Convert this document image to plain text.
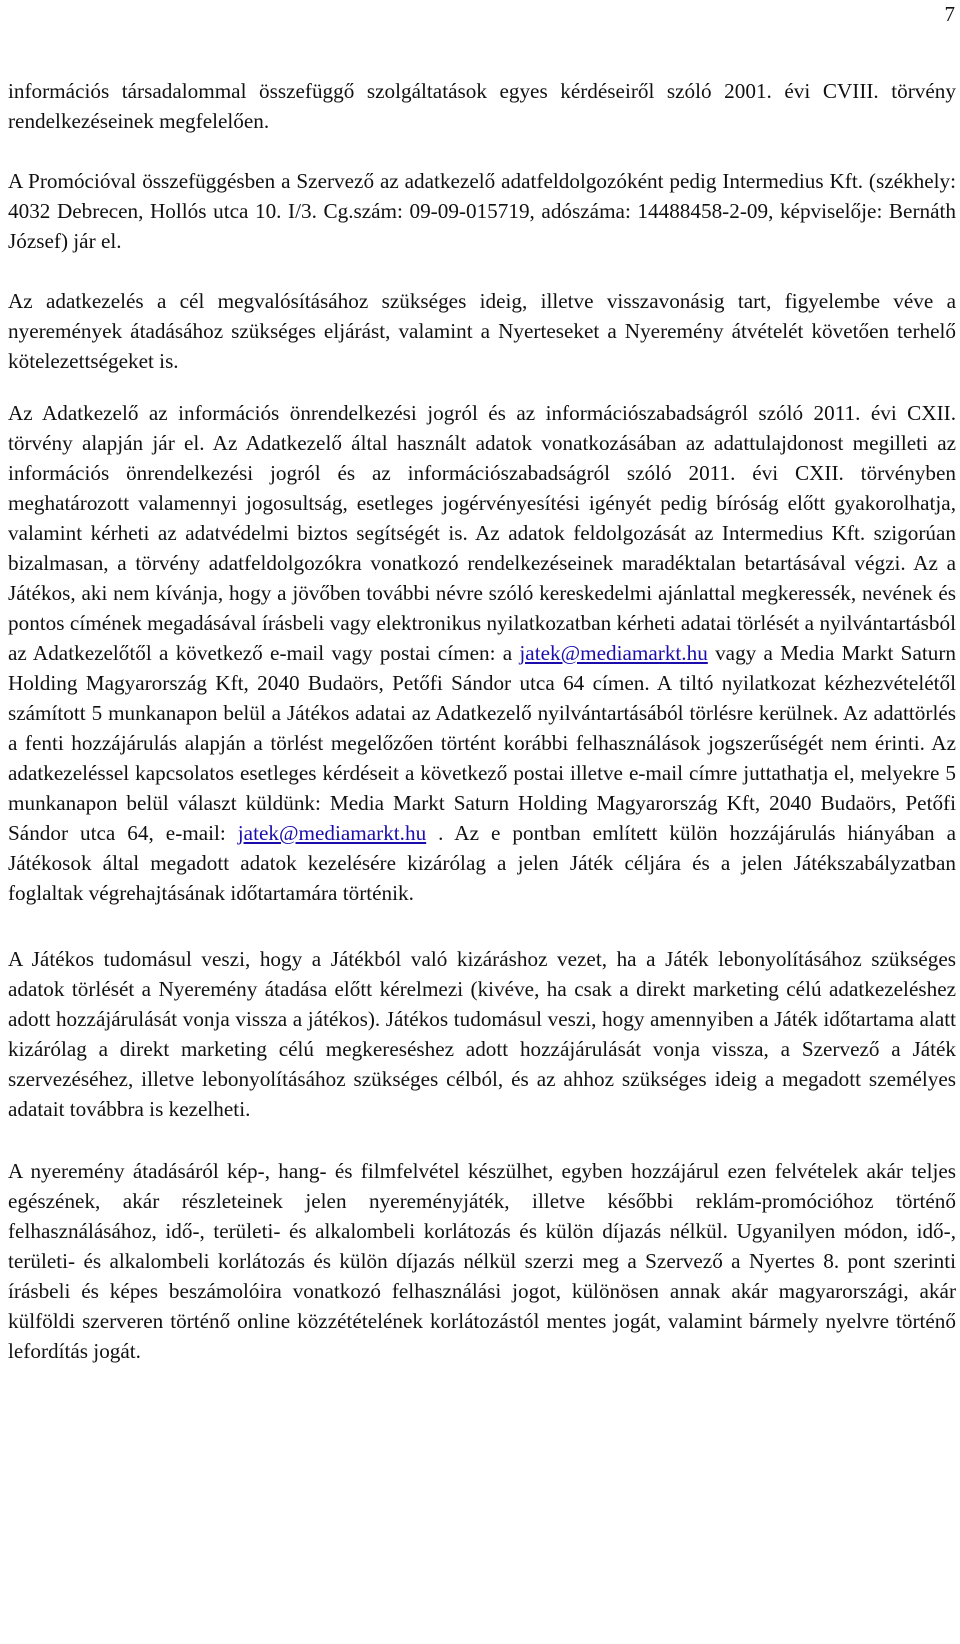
7

információs társadalommal összefüggő szolgáltatások egyes kérdéseiről szóló 2001. évi CVIII. törvény rendelkezéseinek megfelelően.

A Promócióval összefüggésben a Szervező az adatkezelő adatfeldolgozóként pedig Intermedius Kft. (székhely: 4032 Debrecen, Hollós utca 10. I/3. Cg.szám: 09-09-015719, adószáma: 14488458-2-09, képviselője: Bernáth József) jár el.

Az adatkezelés a cél megvalósításához szükséges ideig, illetve visszavonásig tart, figyelembe véve a nyeremények átadásához szükséges eljárást, valamint a Nyerteseket a Nyeremény átvételét követően terhelő kötelezettségeket is.

Az Adatkezelő az információs önrendelkezési jogról és az információszabadságról szóló 2011. évi CXII. törvény alapján jár el. Az Adatkezelő által használt adatok vonatkozásában az adattulajdonost megilleti az információs önrendelkezési jogról és az információszabadságról szóló 2011. évi CXII. törvényben meghatározott valamennyi jogosultság, esetleges jogérvényesítési igényét pedig bíróság előtt gyakorolhatja, valamint kérheti az adatvédelmi biztos segítségét is. Az adatok feldolgozását az Intermedius Kft. szigorúan bizalmasan, a törvény adatfeldolgozókra vonatkozó rendelkezéseinek maradéktalan betartásával végzi. Az a Játékos, aki nem kívánja, hogy a jövőben további névre szóló kereskedelmi ajánlattal megkeressék, nevének és pontos címének megadásával írásbeli vagy elektronikus nyilatkozatban kérheti adatai törlését a nyilvántartásból az Adatkezelőtől a következő e-mail vagy postai címen: a jatek@mediamarkt.hu vagy a Media Markt Saturn Holding Magyarország Kft, 2040 Budaörs, Petőfi Sándor utca 64 címen. A tiltó nyilatkozat kézhezvételétől számított 5 munkanapon belül a Játékos adatai az Adatkezelő nyilvántartásából törlésre kerülnek. Az adattörlés a fenti hozzájárulás alapján a törlést megelőzően történt korábbi felhasználások jogszerűségét nem érinti. Az adatkezeléssel kapcsolatos esetleges kérdéseit a következő postai illetve e-mail címre juttathatja el, melyekre 5 munkanapon belül választ küldünk: Media Markt Saturn Holding Magyarország Kft, 2040 Budaörs, Petőfi Sándor utca 64, e-mail: jatek@mediamarkt.hu . Az e pontban említett külön hozzájárulás hiányában a Játékosok által megadott adatok kezelésére kizárólag a jelen Játék céljára és a jelen Játékszabályzatban foglaltak végrehajtásának időtartamára történik.

A Játékos tudomásul veszi, hogy a Játékból való kizáráshoz vezet, ha a Játék lebonyolításához szükséges adatok törlését a Nyeremény átadása előtt kérelmezi (kivéve, ha csak a direkt marketing célú adatkezeléshez adott hozzájárulását vonja vissza a játékos). Játékos tudomásul veszi, hogy amennyiben a Játék időtartama alatt kizárólag a direkt marketing célú megkereséshez adott hozzájárulását vonja vissza, a Szervező a Játék szervezéséhez, illetve lebonyolításához szükséges célból, és az ahhoz szükséges ideig a megadott személyes adatait továbbra is kezelheti.

A nyeremény átadásáról kép-, hang- és filmfelvétel készülhet, egyben hozzájárul ezen felvételek akár teljes egészének, akár részleteinek jelen nyereményjáték, illetve későbbi reklám-promócióhoz történő felhasználásához, idő-, területi- és alkalombeli korlátozás és külön díjazás nélkül. Ugyanilyen módon, idő-, területi- és alkalombeli korlátozás és külön díjazás nélkül szerzi meg a Szervező a Nyertes 8. pont szerinti írásbeli és képes beszámolóira vonatkozó felhasználási jogot, különösen annak akár magyarországi, akár külföldi szerveren történő online közzétételének korlátozástól mentes jogát, valamint bármely nyelvre történő lefordítás jogát.
